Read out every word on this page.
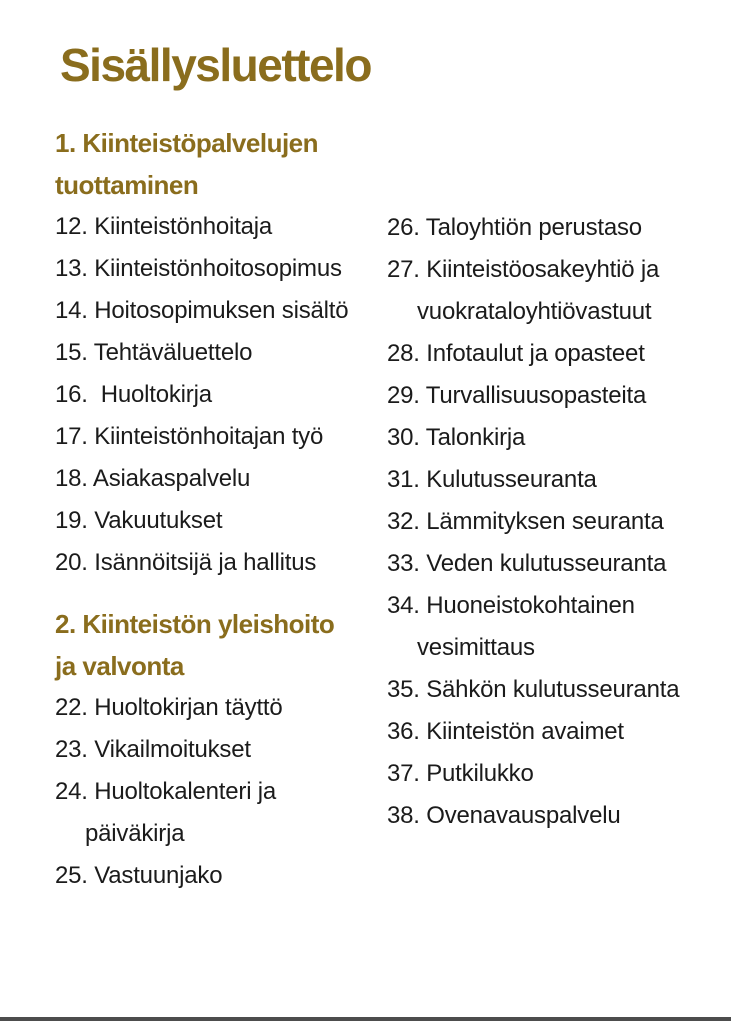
Sisällysluettelo
1. Kiinteistöpalvelujen
tuottaminen
12. Kiinteistönhoitaja
13. Kiinteistönhoitosopimus
14. Hoitosopimuksen sisältö
15. Tehtäväluettelo
16.  Huoltokirja
17. Kiinteistönhoitajan työ
18. Asiakaspalvelu
19. Vakuutukset
20. Isännöitsijä ja hallitus
2. Kiinteistön yleishoito
ja valvonta
22. Huoltokirjan täyttö
23. Vikailmoitukset
24. Huoltokalenteri ja
päiväkirja
25. Vastuunjako
26. Taloyhtiön perustaso
27. Kiinteistöosakeyhtiö ja
vuokrataloyhtiövastuut
28. Infotaulut ja opasteet
29. Turvallisuusopasteita
30. Talonkirja
31. Kulutusseuranta
32. Lämmityksen seuranta
33. Veden kulutusseuranta
34. Huoneistokohtainen
vesimittaus
35. Sähkön kulutusseuranta
36. Kiinteistön avaimet
37. Putkilukko
38. Ovenavauspalvelu
